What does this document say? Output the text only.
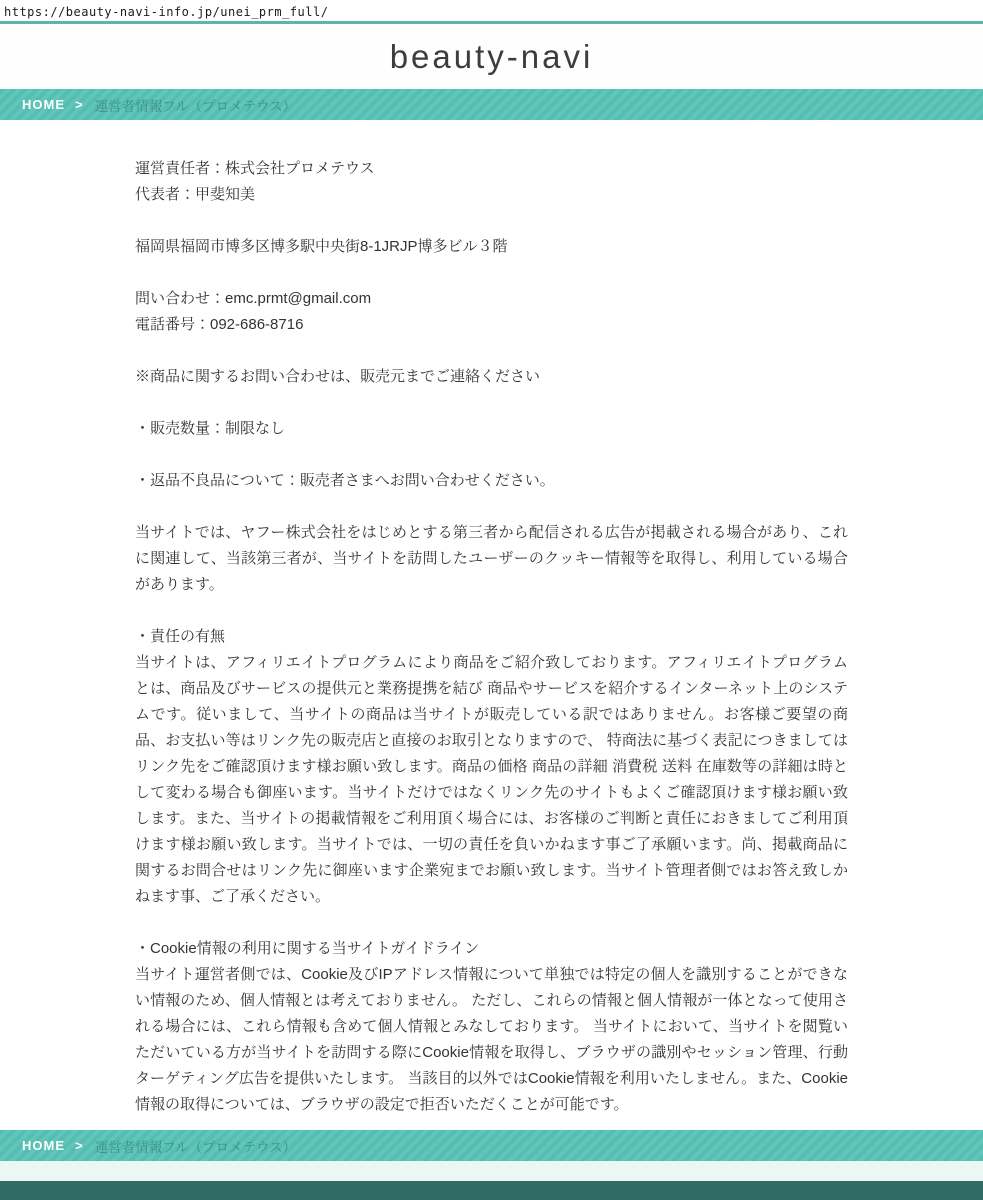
https://beauty-navi-info.jp/unei_prm_full/
beauty-navi
HOME > 運営者情報フル（プロメテウス）
運営責任者：株式会社プロメテウス
代表者：甲斐知美
福岡県福岡市博多区博多駅中央街8-1JRJP博多ビル３階
問い合わせ：emc.prmt@gmail.com
電話番号：092-686-8716
※商品に関するお問い合わせは、販売元までご連絡ください
・販売数量：制限なし
・返品不良品について：販売者さまへお問い合わせください。
当サイトでは、ヤフー株式会社をはじめとする第三者から配信される広告が掲載される場合があり、これに関連して、当該第三者が、当サイトを訪問したユーザーのクッキー情報等を取得し、利用している場合があります。
・責任の有無
当サイトは、アフィリエイトプログラムにより商品をご紹介致しております。アフィリエイトプログラムとは、商品及びサービスの提供元と業務提携を結び 商品やサービスを紹介するインターネット上のシステムです。従いまして、当サイトの商品は当サイトが販売している訳ではありません。お客様ご要望の商品、お支払い等はリンク先の販売店と直接のお取引となりますので、 特商法に基づく表記につきましてはリンク先をご確認頂けます様お願い致します。商品の価格 商品の詳細 消費税 送料 在庫数等の詳細は時として変わる場合も御座います。当サイトだけではなくリンク先のサイトもよくご確認頂けます様お願い致します。また、当サイトの掲載情報をご利用頂く場合には、お客様のご判断と責任におきましてご利用頂けます様お願い致します。当サイトでは、一切の責任を負いかねます事ご了承願います。尚、掲載商品に関するお問合せはリンク先に御座います企業宛までお願い致します。当サイト管理者側ではお答え致しかねます事、ご了承ください。
・Cookie情報の利用に関する当サイトガイドライン
当サイト運営者側では、Cookie及びIPアドレス情報について単独では特定の個人を識別することができない情報のため、個人情報とは考えておりません。 ただし、これらの情報と個人情報が一体となって使用される場合には、これら情報も含めて個人情報とみなしております。 当サイトにおいて、当サイトを閲覧いただいている方が当サイトを訪問する際にCookie情報を取得し、ブラウザの識別やセッション管理、行動ターゲティング広告を提供いたします。 当該目的以外ではCookie情報を利用いたしません。また、Cookie情報の取得については、ブラウザの設定で拒否いただくことが可能です。
HOME > 運営者情報フル（プロメテウス）
